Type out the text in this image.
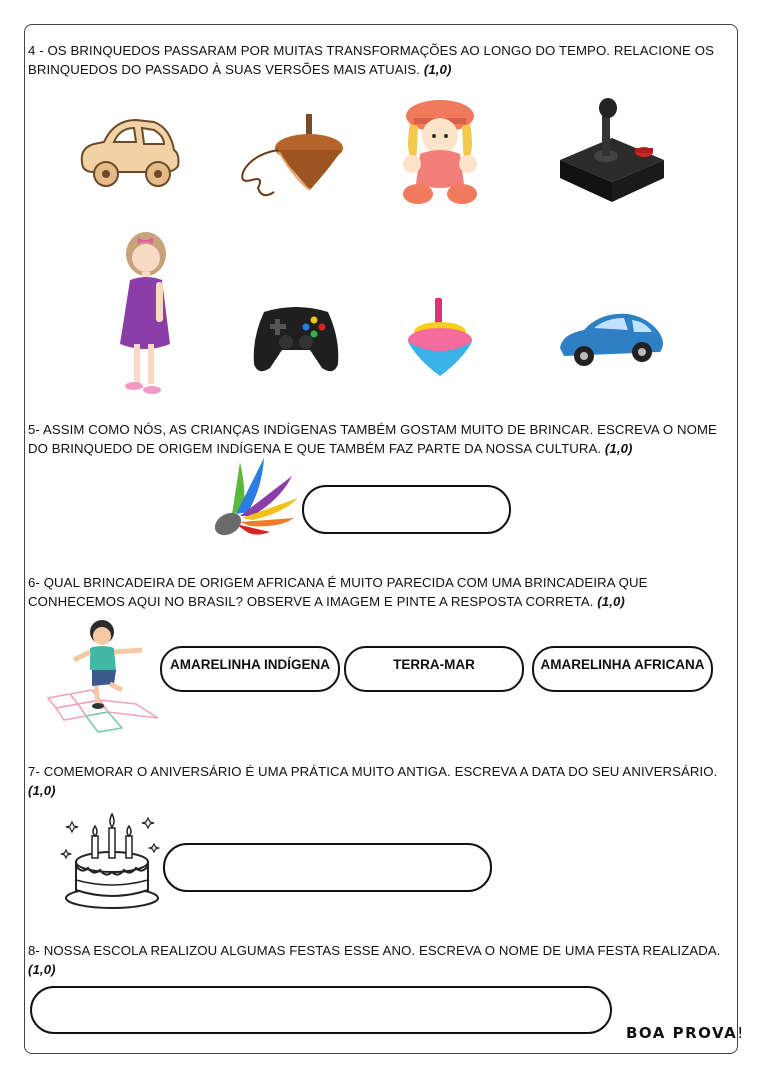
4 - OS BRINQUEDOS PASSARAM POR MUITAS TRANSFORMAÇÕES AO LONGO DO TEMPO. RELACIONE OS BRINQUEDOS DO PASSADO À SUAS VERSÕES MAIS ATUAIS. (1,0)
5- ASSIM COMO NÓS, AS CRIANÇAS INDÍGENAS TAMBÉM GOSTAM MUITO DE BRINCAR. ESCREVA O NOME DO BRINQUEDO DE ORIGEM INDÍGENA E QUE TAMBÉM FAZ PARTE DA NOSSA CULTURA. (1,0)
6- QUAL BRINCADEIRA DE ORIGEM AFRICANA É MUITO PARECIDA COM UMA BRINCADEIRA QUE CONHECEMOS AQUI NO BRASIL? OBSERVE A IMAGEM E PINTE A RESPOSTA CORRETA. (1,0)
AMARELINHA INDÍGENA	TERRA-MAR	AMARELINHA AFRICANA
7- COMEMORAR O ANIVERSÁRIO É UMA PRÁTICA MUITO ANTIGA. ESCREVA A DATA DO SEU ANIVERSÁRIO. (1,0)
8- NOSSA ESCOLA REALIZOU ALGUMAS FESTAS ESSE ANO. ESCREVA O NOME DE UMA FESTA REALIZADA. (1,0)
BOA PROVA!
